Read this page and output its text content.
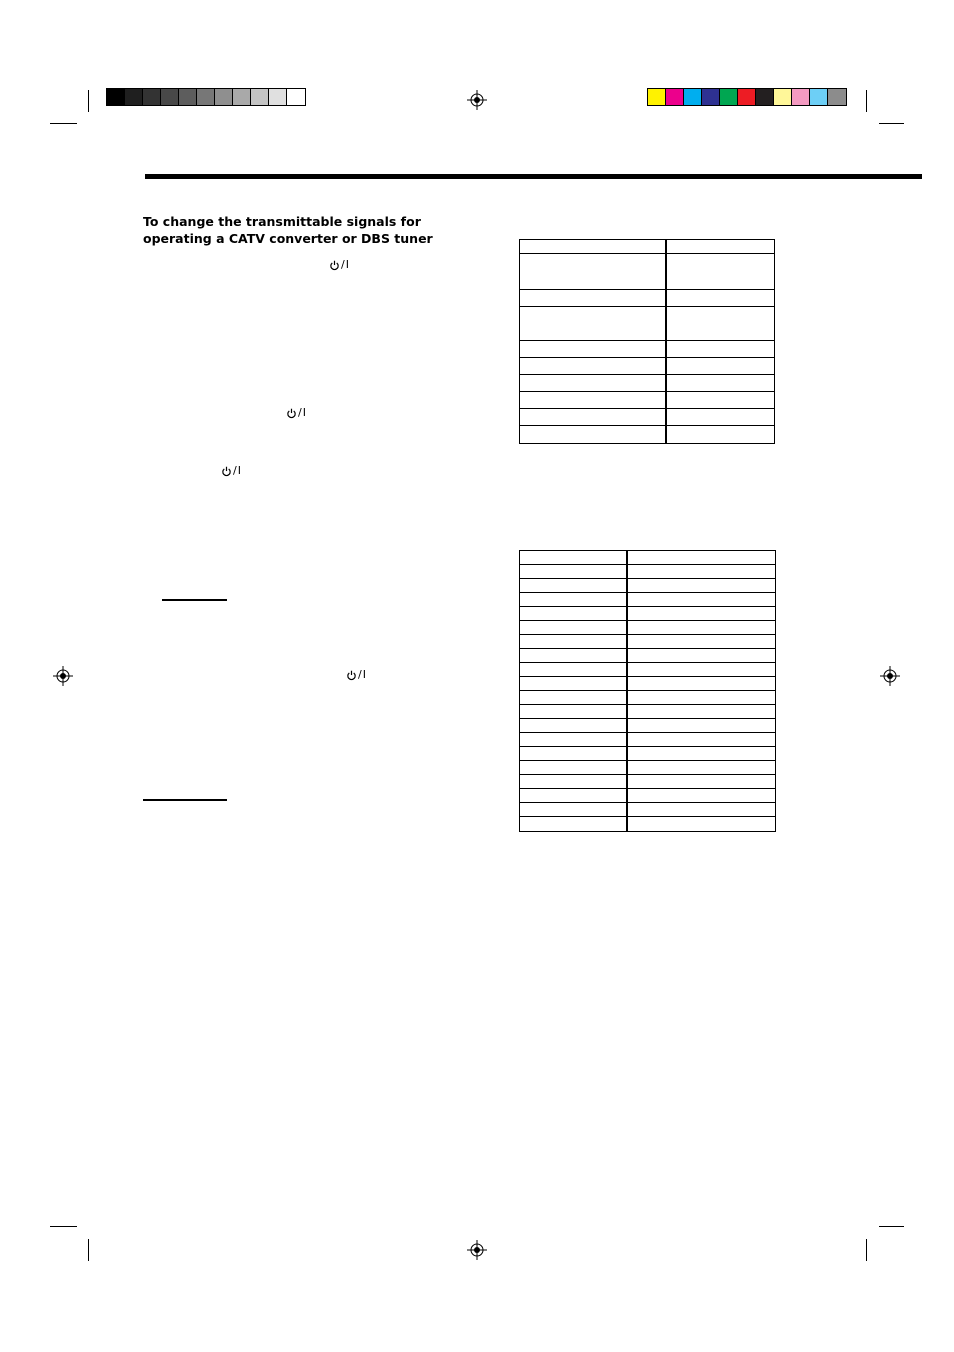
To change the transmittable signals for
operating a CATV converter or DBS tuner
/ I
/ I
/ I
/ I
